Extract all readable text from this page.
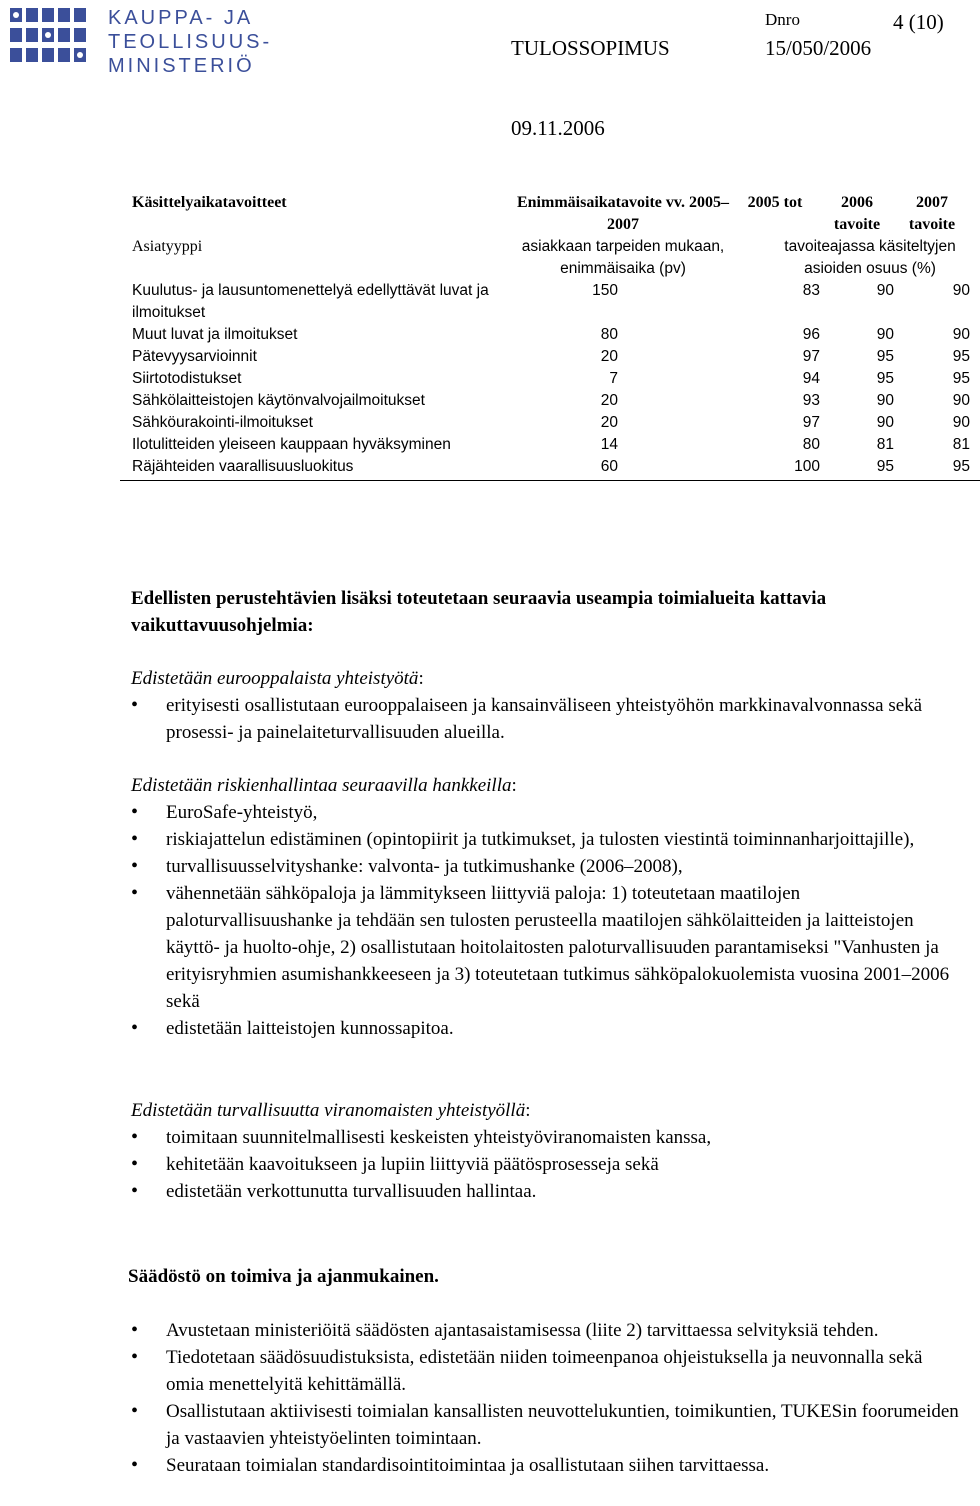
KAUPPA- JA
TEOLLISUUS-
MINISTERIÖ
Dnro	4 (10)
TULOSSOPIMUS	15/050/2006
09.11.2006
Käsittelyaikatavoitteet	Enimmäisaikatavoite vv. 2005–2007	2005 tot	2006 tavoite	2007 tavoite
Asiatyyppi	asiakkaan tarpeiden mukaan, enimmäisaika (pv)	tavoiteajassa käsiteltyjen asioiden osuus (%)		
Kuulutus- ja lausuntomenettelyä edellyttävät luvat ja ilmoitukset	150	83	90	90
Muut luvat ja ilmoitukset	80	96	90	90
Pätevyysarvioinnit	20	97	95	95
Siirtotodistukset	7	94	95	95
Sähkölaitteistojen käytönvalvojailmoitukset	20	93	90	90
Sähköurakointi-ilmoitukset	20	97	90	90
Ilotulitteiden yleiseen kauppaan hyväksyminen	14	80	81	81
Räjähteiden vaarallisuusluokitus	60	100	95	95
Edellisten perustehtävien lisäksi toteutetaan seuraavia useampia toimialueita kattavia vaikuttavuusohjelmia:
Edistetään eurooppalaista yhteistyötä:
• erityisesti osallistutaan eurooppalaiseen ja kansainväliseen yhteistyöhön markkinavalvonnassa sekä prosessi- ja painelaiteturvallisuuden alueilla.
Edistetään riskienhallintaa seuraavilla hankkeilla:
• EuroSafe-yhteistyö,
• riskiajattelun edistäminen (opintopiirit ja tutkimukset, ja tulosten viestintä toiminnanharjoittajille),
• turvallisuusselvityshanke: valvonta- ja tutkimushanke (2006–2008),
• vähennetään sähköpaloja ja lämmitykseen liittyviä paloja: 1) toteutetaan maatilojen paloturvallisuushanke ja tehdään sen tulosten perusteella maatilojen sähkölaitteiden ja laitteistojen käyttö- ja huolto-ohje, 2) osallistutaan hoitolaitosten paloturvallisuuden parantamiseksi "Vanhusten ja erityisryhmien asumishankkeeseen ja 3) toteutetaan tutkimus sähköpalokuolemista vuosina 2001–2006 sekä
• edistetään laitteistojen kunnossapitoa.
Edistetään turvallisuutta viranomaisten yhteistyöllä:
• toimitaan suunnitelmallisesti keskeisten yhteistyöviranomaisten kanssa,
• kehitetään kaavoitukseen ja lupiin liittyviä päätösprosesseja sekä
• edistetään verkottunutta turvallisuuden hallintaa.
Säädöstö on toimiva ja ajanmukainen.
• Avustetaan ministeriöitä säädösten ajantasaistamisessa (liite 2) tarvittaessa selvityksiä tehden.
• Tiedotetaan säädösuudistuksista, edistetään niiden toimeenpanoa ohjeistuksella ja neuvonnalla sekä omia menettelyitä kehittämällä.
• Osallistutaan aktiivisesti toimialan kansallisten neuvottelukuntien, toimikuntien, TUKESin foorumeiden ja vastaavien yhteistyöelinten toimintaan.
• Seurataan toimialan standardisointitoimintaa ja osallistutaan siihen tarvittaessa.
